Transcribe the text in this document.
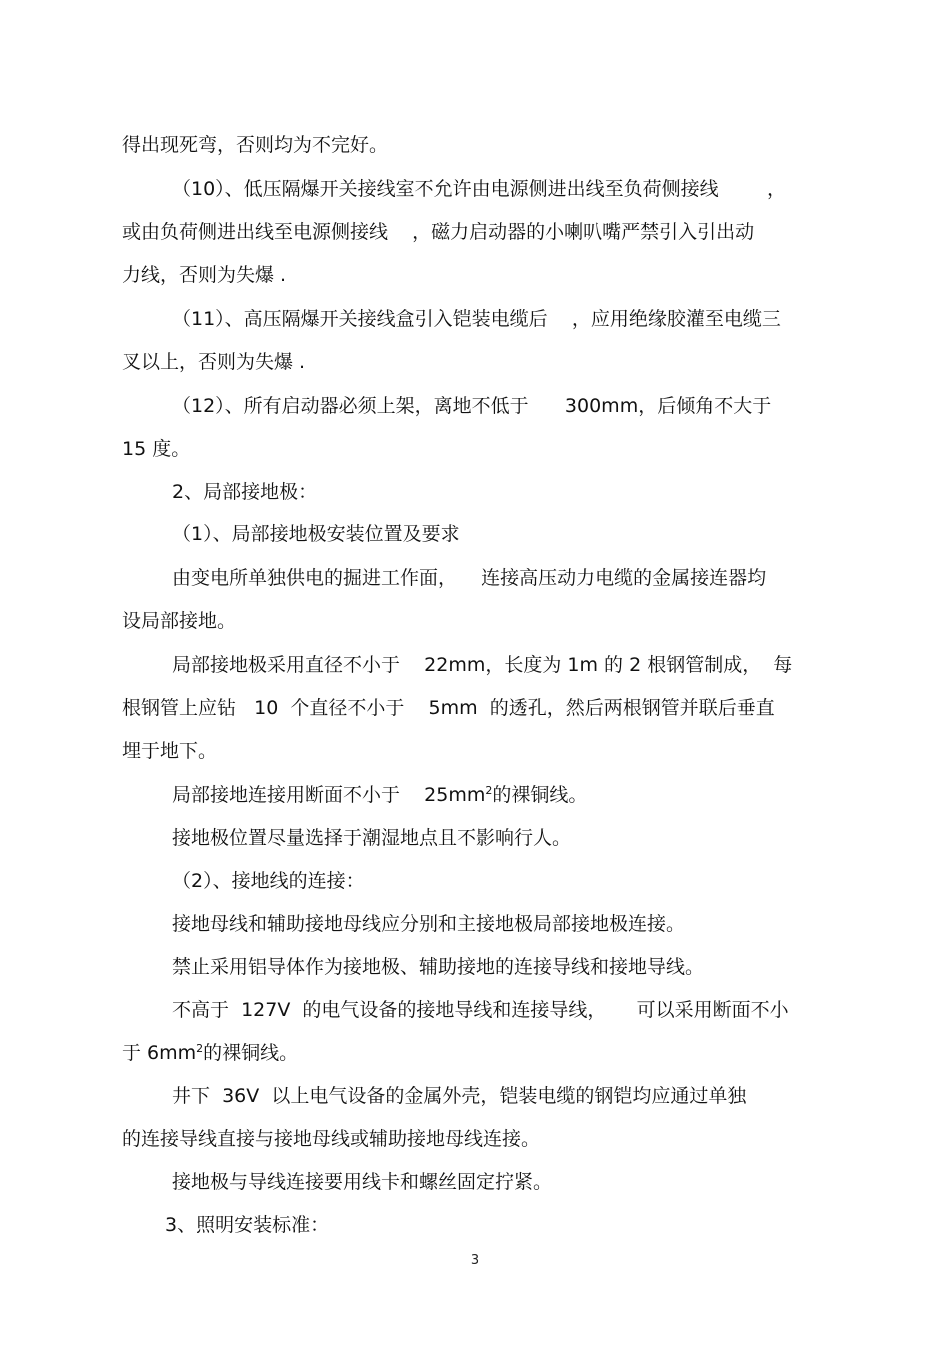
得出现死弯，否则均为不完好。

（10）、低压隔爆开关接线室不允许由电源侧进出线至负荷侧接线        ，

或由负荷侧进出线至电源侧接线    ，磁力启动器的小喇叭嘴严禁引入引出动

力线，否则为失爆 .

（11）、高压隔爆开关接线盒引入铠装电缆后    ，应用绝缘胶灌至电缆三

叉以上，否则为失爆 .

（12）、所有启动器必须上架，离地不低于      300mm，后倾角不大于

15 度。

2、局部接地极：

（1）、局部接地极安装位置及要求

由变电所单独供电的掘进工作面，    连接高压动力电缆的金属接连器均

设局部接地。

局部接地极采用直径不小于    22mm，长度为 1m 的 2 根钢管制成，  每

根钢管上应钻   10  个直径不小于    5mm  的透孔，然后两根钢管并联后垂直

埋于地下。

局部接地连接用断面不小于    $25mm^2$的裸铜线。

接地极位置尽量选择于潮湿地点且不影响行人。

（2）、接地线的连接：

接地母线和辅助接地母线应分别和主接地极局部接地极连接。

禁止采用铝导体作为接地极、辅助接地的连接导线和接地导线。

不高于  127V  的电气设备的接地导线和连接导线，     可以采用断面不小

于 $6mm^2$的裸铜线。

井下  36V  以上电气设备的金属外壳，铠装电缆的钢铠均应通过单独

的连接导线直接与接地母线或辅助接地母线连接。

接地极与导线连接要用线卡和螺丝固定拧紧。

3、照明安装标准：

3
